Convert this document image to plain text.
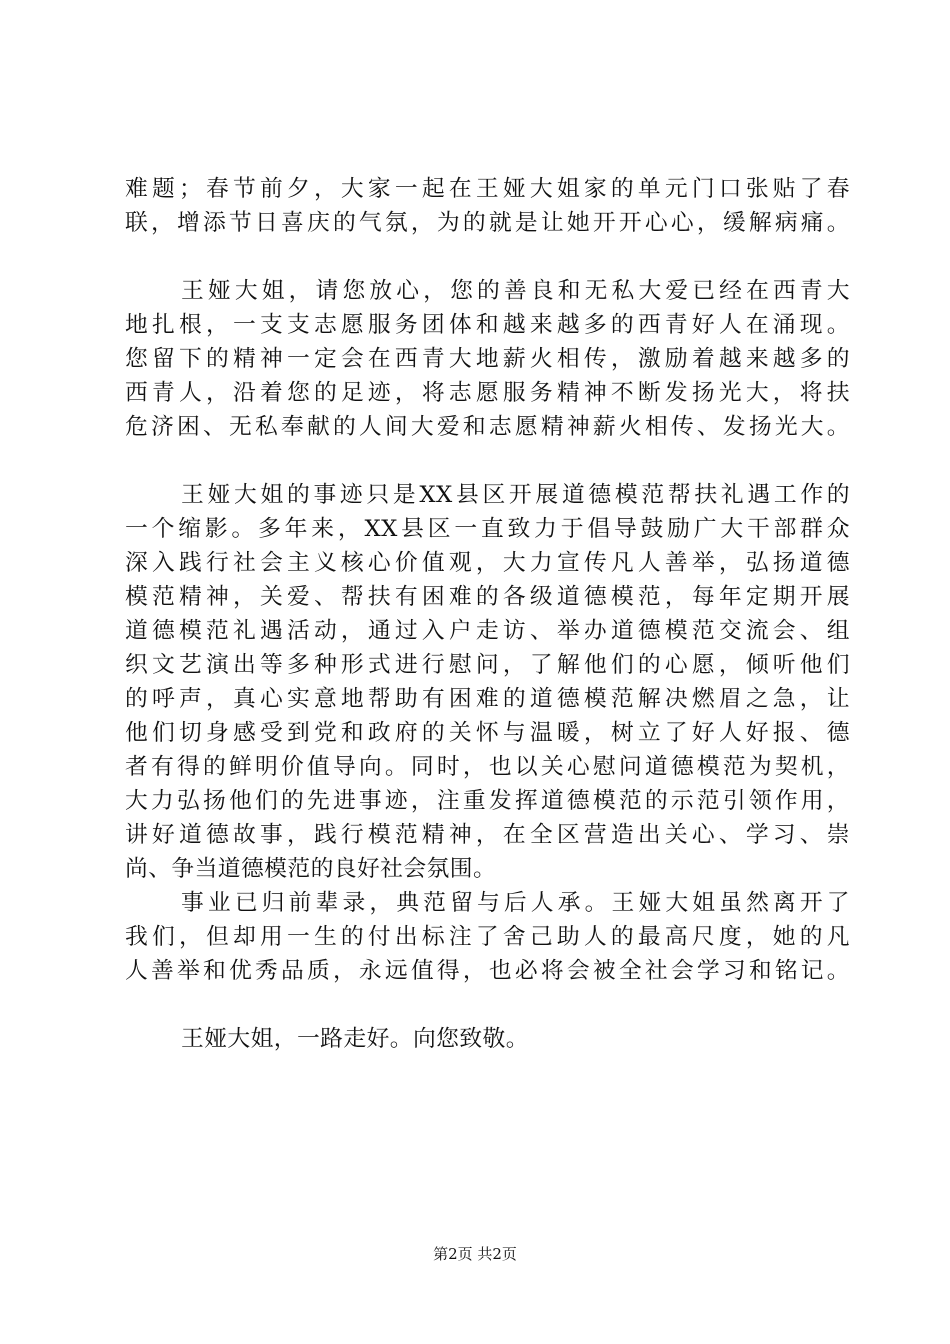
难题；春节前夕，大家一起在王娅大姐家的单元门口张贴了春
联，增添节日喜庆的气氛，为的就是让她开开心心，缓解病痛。
王娅大姐，请您放心，您的善良和无私大爱已经在西青大
地扎根，一支支志愿服务团体和越来越多的西青好人在涌现。
您留下的精神一定会在西青大地薪火相传，激励着越来越多的
西青人，沿着您的足迹，将志愿服务精神不断发扬光大，将扶
危济困、无私奉献的人间大爱和志愿精神薪火相传、发扬光大。
王娅大姐的事迹只是XX县区开展道德模范帮扶礼遇工作的
一个缩影。多年来，XX县区一直致力于倡导鼓励广大干部群众
深入践行社会主义核心价值观，大力宣传凡人善举，弘扬道德
模范精神，关爱、帮扶有困难的各级道德模范，每年定期开展
道德模范礼遇活动，通过入户走访、举办道德模范交流会、组
织文艺演出等多种形式进行慰问，了解他们的心愿，倾听他们
的呼声，真心实意地帮助有困难的道德模范解决燃眉之急，让
他们切身感受到党和政府的关怀与温暖，树立了好人好报、德
者有得的鲜明价值导向。同时，也以关心慰问道德模范为契机，
大力弘扬他们的先进事迹，注重发挥道德模范的示范引领作用，
讲好道德故事，践行模范精神，在全区营造出关心、学习、崇
尚、争当道德模范的良好社会氛围。
事业已归前辈录，典范留与后人承。王娅大姐虽然离开了
我们，但却用一生的付出标注了舍己助人的最高尺度，她的凡
人善举和优秀品质，永远值得，也必将会被全社会学习和铭记。
王娅大姐，一路走好。向您致敬。
第2页 共2页
